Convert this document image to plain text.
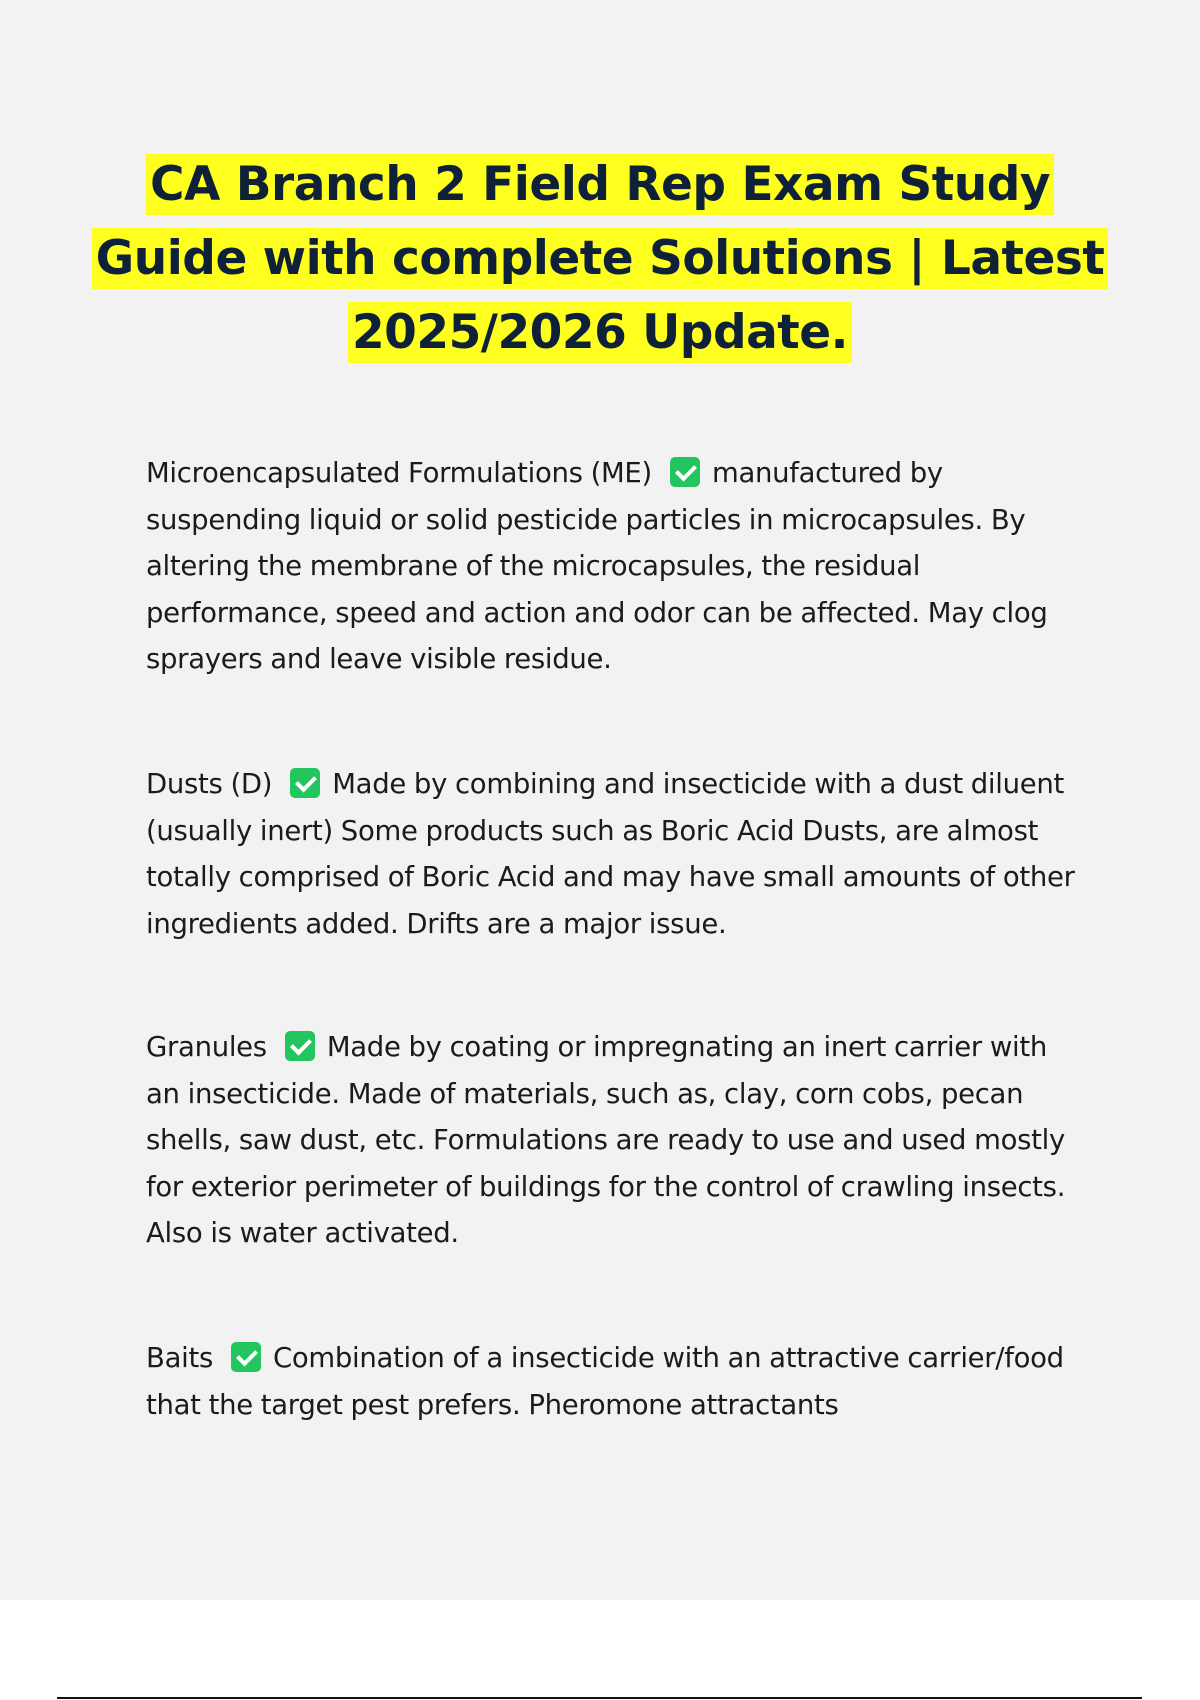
CA Branch 2 Field Rep Exam Study
Guide with complete Solutions | Latest
2025/2026 Update.

Microencapsulated Formulations (ME) manufactured by suspending liquid or solid pesticide particles in microcapsules. By altering the membrane of the microcapsules, the residual performance, speed and action and odor can be affected. May clog sprayers and leave visible residue.

Dusts (D) Made by combining and insecticide with a dust diluent (usually inert) Some products such as Boric Acid Dusts, are almost totally comprised of Boric Acid and may have small amounts of other ingredients added. Drifts are a major issue.

Granules Made by coating or impregnating an inert carrier with an insecticide. Made of materials, such as, clay, corn cobs, pecan shells, saw dust, etc. Formulations are ready to use and used mostly for exterior perimeter of buildings for the control of crawling insects. Also is water activated.

Baits Combination of a insecticide with an attractive carrier/food that the target pest prefers. Pheromone attractants
